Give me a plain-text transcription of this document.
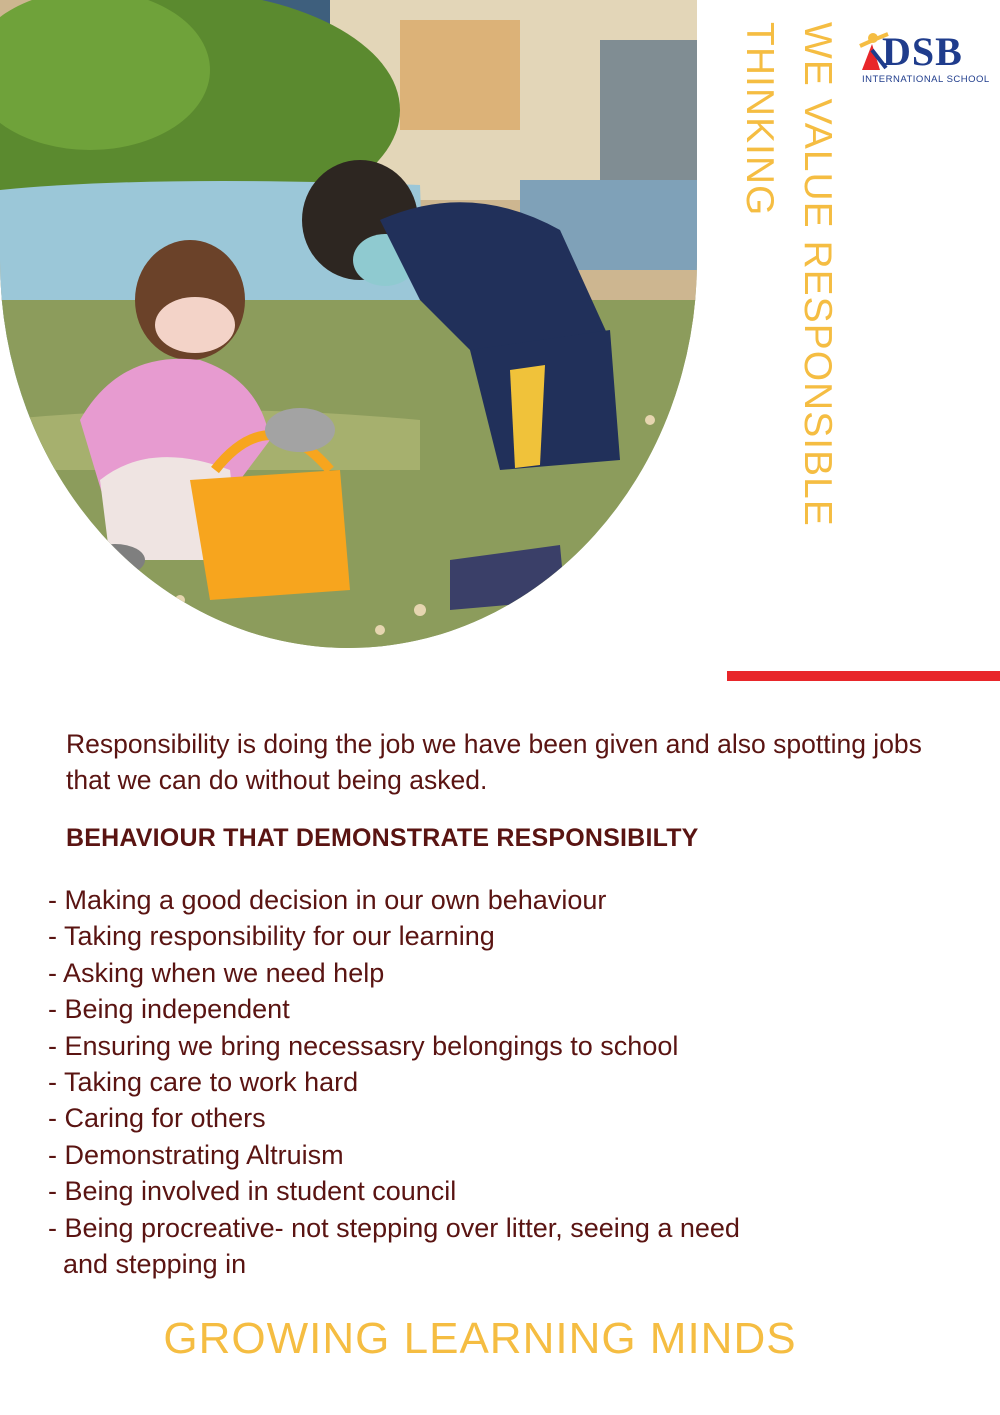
WE VALUE RESPONSIBLE
THINKING	DSB
INTERNATIONAL SCHOOL
Responsibility is doing the job we have been given and also spotting jobs that we can do without being asked.
BEHAVIOUR THAT DEMONSTRATE RESPONSIBILTY
- Making a good decision in our own behaviour
- Taking responsibility for our learning
- Asking when we need help
- Being independent
- Ensuring we bring necessasry belongings to school
- Taking care to work hard
- Caring for others
- Demonstrating Altruism
- Being involved in student council
- Being procreative- not stepping over litter, seeing a need
and stepping in
GROWING LEARNING MINDS
